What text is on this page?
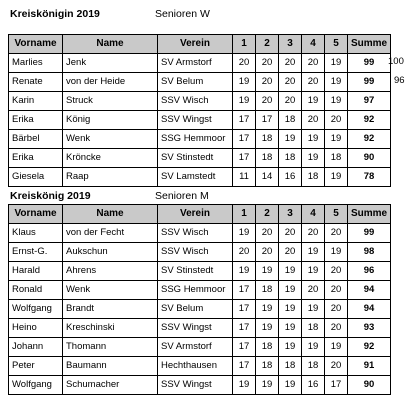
Kreiskönigin 2019	Senioren W
Vorname	Name	Verein	1	2	3	4	5	Summe
Marlies	Jenk	SV Armstorf	20	20	20	20	19	99
Renate	von der Heide	SV Belum	19	20	20	20	19	99
Karin	Struck	SSV Wisch	19	20	20	19	19	97
Erika	König	SSV Wingst	17	17	18	20	20	92
Bärbel	Wenk	SSG Hemmoor	17	18	19	19	19	92
Erika	Kröncke	SV Stinstedt	17	18	18	19	18	90
Giesela	Raap	SV Lamstedt	11	14	16	18	19	78
100
96
Kreiskönig 2019	Senioren M
Vorname	Name	Verein	1	2	3	4	5	Summe
Klaus	von der Fecht	SSV Wisch	19	20	20	20	20	99
Ernst-G.	Aukschun	SSV Wisch	20	20	20	19	19	98
Harald	Ahrens	SV Stinstedt	19	19	19	19	20	96
Ronald	Wenk	SSG Hemmoor	17	18	19	20	20	94
Wolfgang	Brandt	SV Belum	17	19	19	19	20	94
Heino	Kreschinski	SSV Wingst	17	19	19	18	20	93
Johann	Thomann	SV Armstorf	17	18	19	19	19	92
Peter	Baumann	Hechthausen	17	18	18	18	20	91
Wolfgang	Schumacher	SSV Wingst	19	19	19	16	17	90
